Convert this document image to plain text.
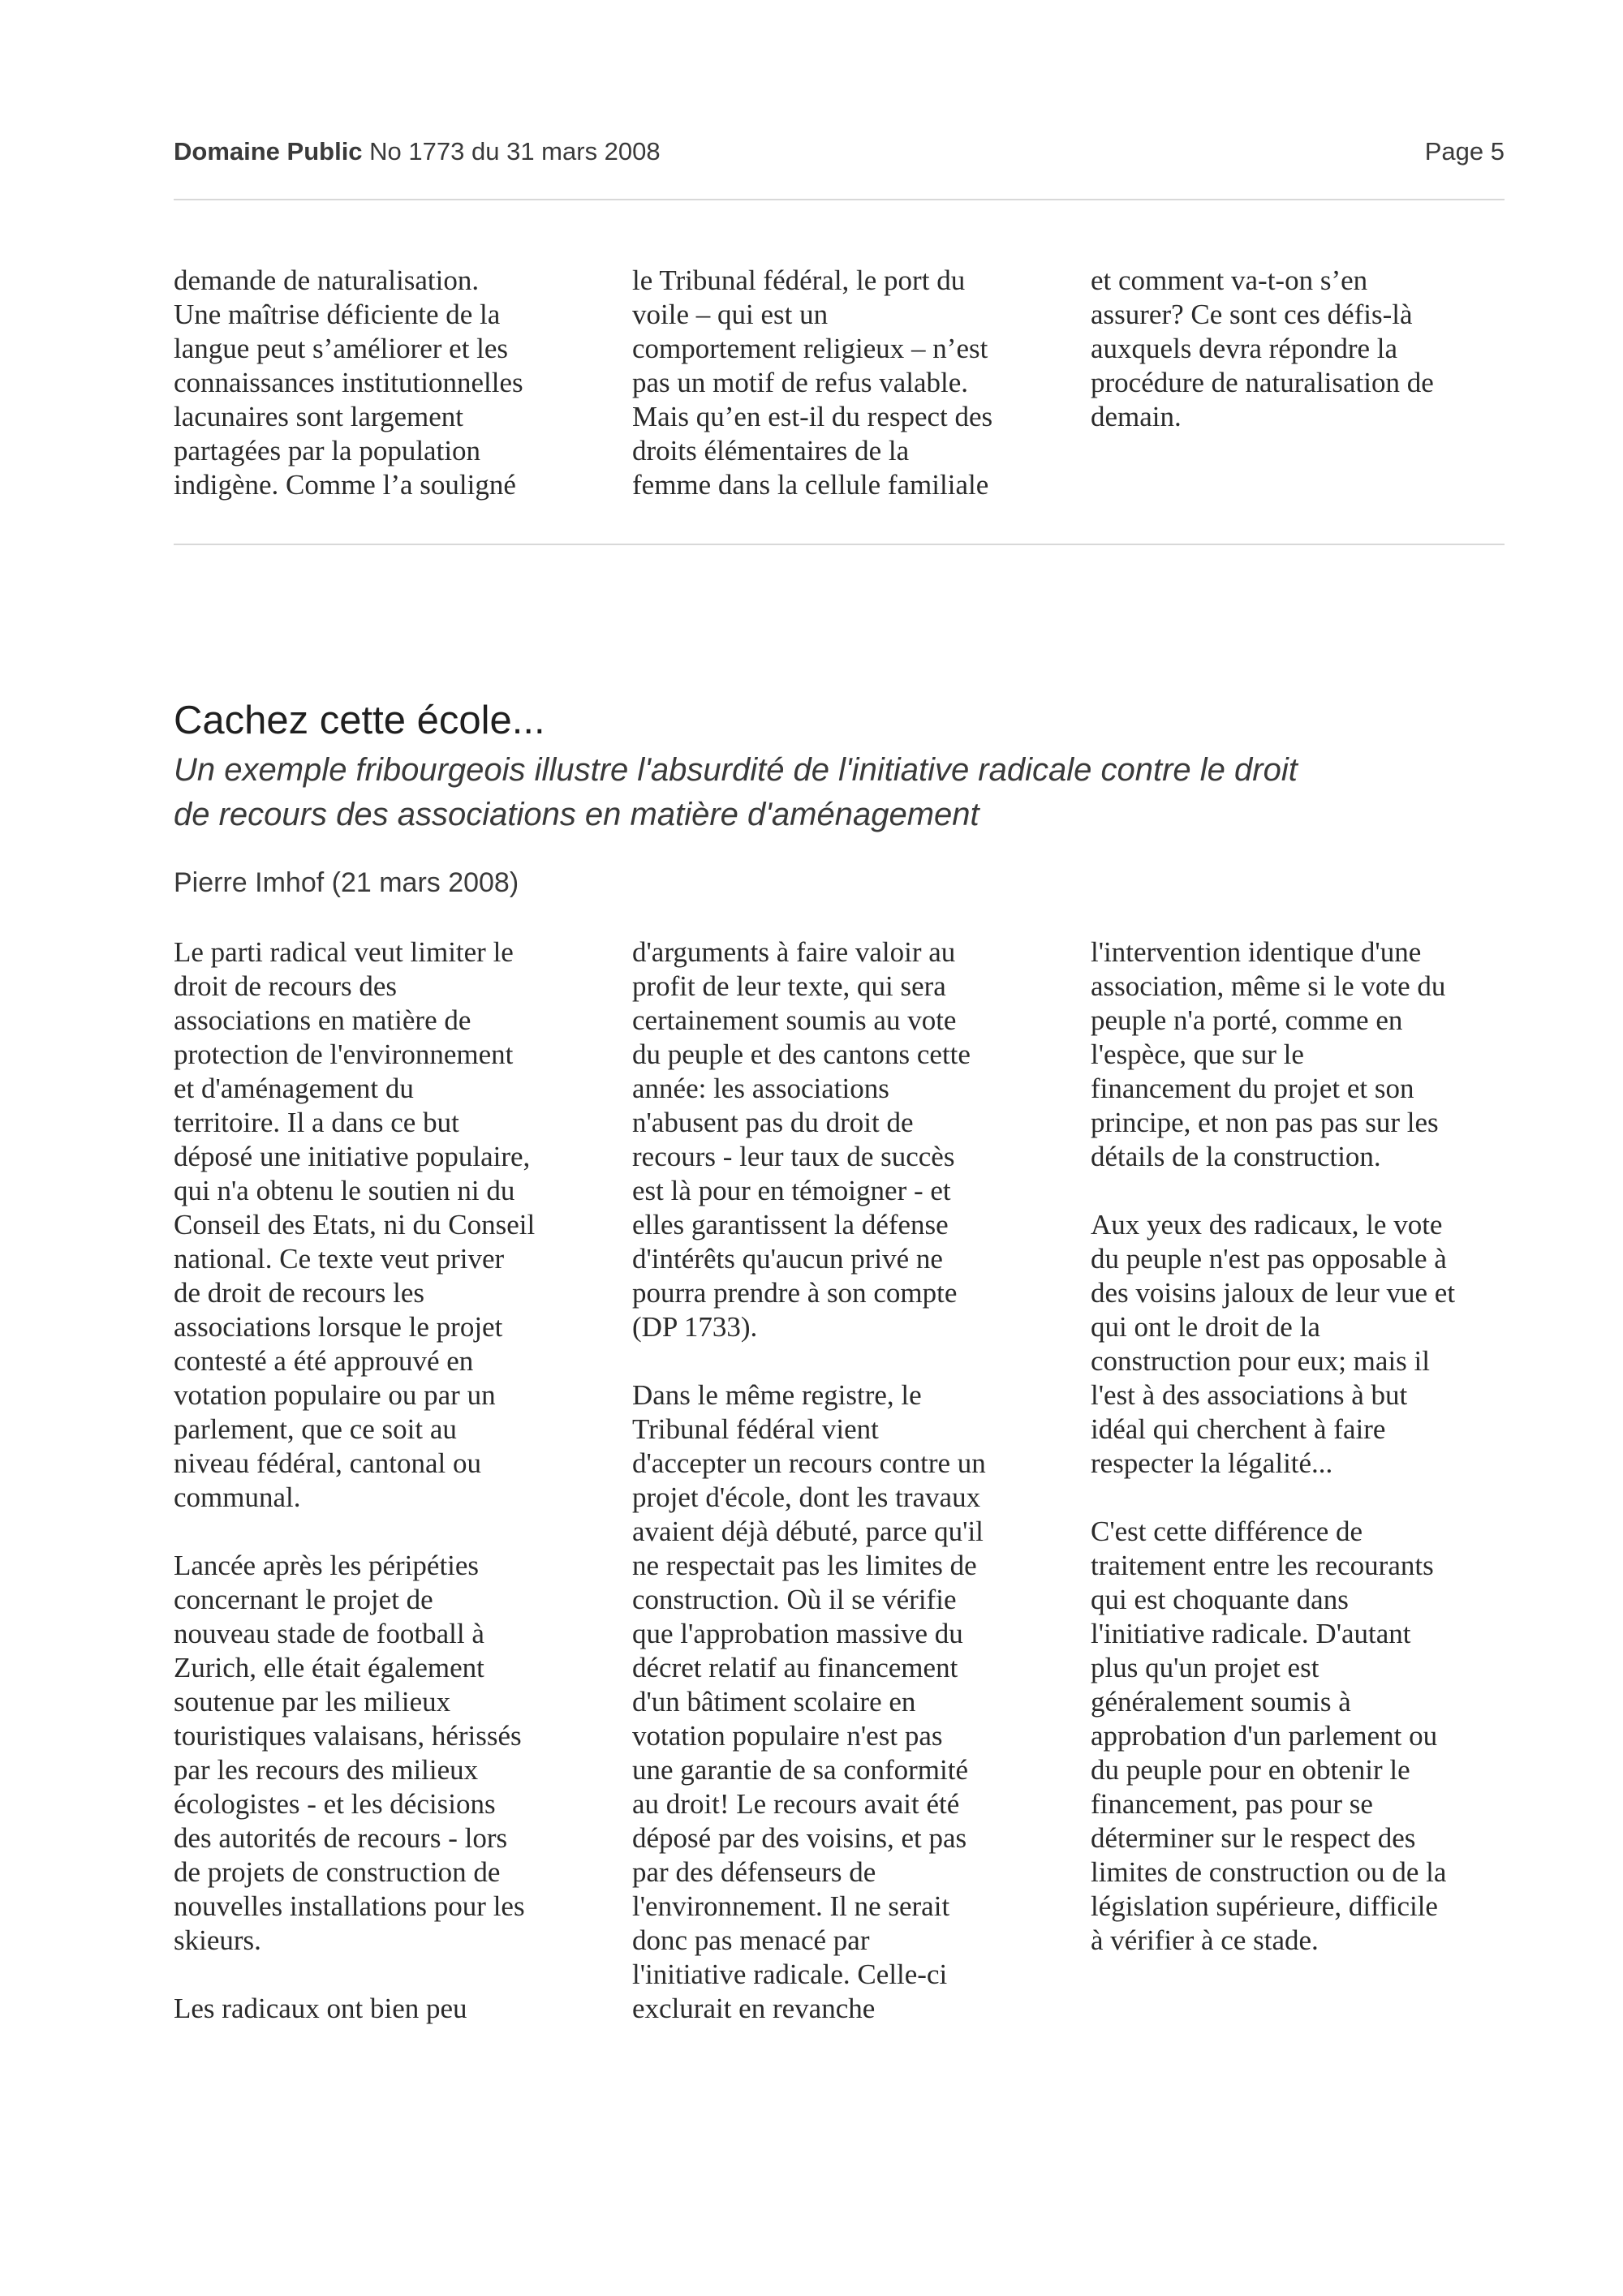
Domaine Public No 1773 du 31 mars 2008	Page 5

demande de naturalisation.
Une maîtrise déficiente de la
langue peut s’améliorer et les
connaissances institutionnelles
lacunaires sont largement
partagées par la population
indigène. Comme l’a souligné

le Tribunal fédéral, le port du
voile – qui est un
comportement religieux – n’est
pas un motif de refus valable.
Mais qu’en est-il du respect des
droits élémentaires de la
femme dans la cellule familiale

et comment va-t-on s’en
assurer? Ce sont ces défis-là
auxquels devra répondre la
procédure de naturalisation de
demain.

Cachez cette école...
Un exemple fribourgeois illustre l'absurdité de l'initiative radicale contre le droit
de recours des associations en matière d'aménagement
Pierre Imhof (21 mars 2008)

Le parti radical veut limiter le
droit de recours des
associations en matière de
protection de l'environnement
et d'aménagement du
territoire. Il a dans ce but
déposé une initiative populaire,
qui n'a obtenu le soutien ni du
Conseil des Etats, ni du Conseil
national. Ce texte veut priver
de droit de recours les
associations lorsque le projet
contesté a été approuvé en
votation populaire ou par un
parlement, que ce soit au
niveau fédéral, cantonal ou
communal.

Lancée après les péripéties
concernant le projet de
nouveau stade de football à
Zurich, elle était également
soutenue par les milieux
touristiques valaisans, hérissés
par les recours des milieux
écologistes - et les décisions
des autorités de recours - lors
de projets de construction de
nouvelles installations pour les
skieurs.

Les radicaux ont bien peu

d'arguments à faire valoir au
profit de leur texte, qui sera
certainement soumis au vote
du peuple et des cantons cette
année: les associations
n'abusent pas du droit de
recours - leur taux de succès
est là pour en témoigner - et
elles garantissent la défense
d'intérêts qu'aucun privé ne
pourra prendre à son compte
(DP 1733).

Dans le même registre, le
Tribunal fédéral vient
d'accepter un recours contre un
projet d'école, dont les travaux
avaient déjà débuté, parce qu'il
ne respectait pas les limites de
construction. Où il se vérifie
que l'approbation massive du
décret relatif au financement
d'un bâtiment scolaire en
votation populaire n'est pas
une garantie de sa conformité
au droit! Le recours avait été
déposé par des voisins, et pas
par des défenseurs de
l'environnement. Il ne serait
donc pas menacé par
l'initiative radicale. Celle-ci
exclurait en revanche

l'intervention identique d'une
association, même si le vote du
peuple n'a porté, comme en
l'espèce, que sur le
financement du projet et son
principe, et non pas pas sur les
détails de la construction.

Aux yeux des radicaux, le vote
du peuple n'est pas opposable à
des voisins jaloux de leur vue et
qui ont le droit de la
construction pour eux; mais il
l'est à des associations à but
idéal qui cherchent à faire
respecter la légalité...

C'est cette différence de
traitement entre les recourants
qui est choquante dans
l'initiative radicale. D'autant
plus qu'un projet est
généralement soumis à
approbation d'un parlement ou
du peuple pour en obtenir le
financement, pas pour se
déterminer sur le respect des
limites de construction ou de la
législation supérieure, difficile
à vérifier à ce stade.
